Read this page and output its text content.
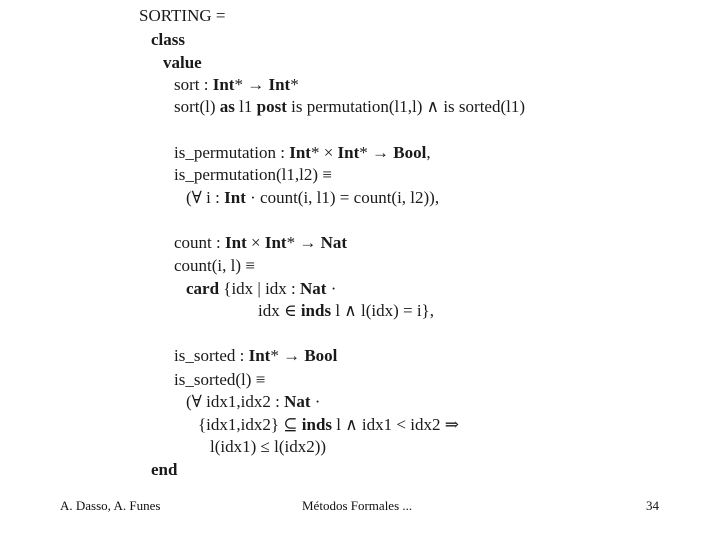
SORTING =
class
value
sort : Int* → Int*
sort(l) as l1 post is permutation(l1,l) ∧ is sorted(l1)
is_permutation : Int* × Int* → Bool,
is_permutation(l1,l2) ≡
(∀ i : Int · count(i, l1) = count(i, l2)),
count : Int × Int* → Nat
count(i, l) ≡
card {idx | idx : Nat ·
idx ∈ inds l ∧ l(idx) = i},
is_sorted : Int* → Bool
is_sorted(l) ≡
(∀ idx1,idx2 : Nat ·
{idx1,idx2} ⊆ inds l ∧ idx1 < idx2 ⇒
l(idx1) ≤ l(idx2))
end
A. Dasso, A. Funes	Métodos Formales ...	34
